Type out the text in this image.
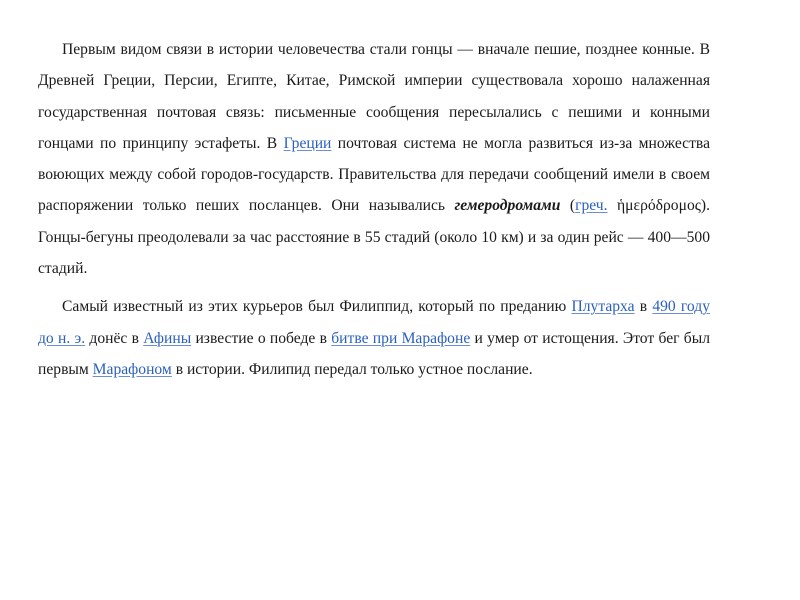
Первым видом связи в истории человечества стали гонцы — вначале пешие, позднее конные. В Древней Греции, Персии, Египте, Китае, Римской империи существовала хорошо налаженная государственная почтовая связь: письменные сообщения пересылались с пешими и конными гонцами по принципу эстафеты. В Греции почтовая система не могла развиться из-за множества воюющих между собой городов-государств. Правительства для передачи сообщений имели в своем распоряжении только пеших посланцев. Они назывались гемеродромами (греч. ἡμερόδρομος). Гонцы-бегуны преодолевали за час расстояние в 55 стадий (около 10 км) и за один рейс — 400—500 стадий.

Самый известный из этих курьеров был Филиппид, который по преданию Плутарха в 490 году до н. э. донёс в Афины известие о победе в битве при Марафоне и умер от истощения. Этот бег был первым Марафоном в истории. Филипид передал только устное послание.
